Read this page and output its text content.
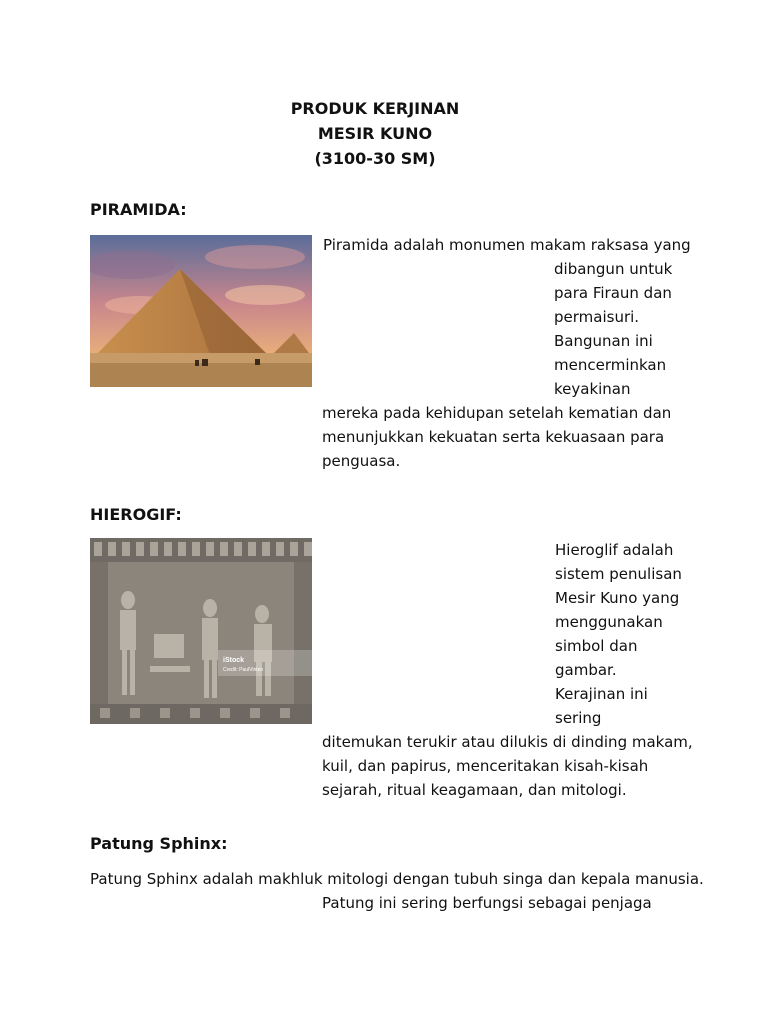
PRODUK KERJINAN
MESIR KUNO
(3100-30 SM)
PIRAMIDA:
Piramida adalah monumen makam raksasa yang
dibangun untuk
para Firaun dan
permaisuri.
Bangunan ini
mencerminkan
keyakinan
mereka pada kehidupan setelah kematian dan
menunjukkan kekuatan serta kekuasaan para
penguasa.
HIEROGIF:
iStock
Credit: PaulVinten
Hieroglif adalah
sistem penulisan
Mesir Kuno yang
menggunakan
simbol dan
gambar.
Kerajinan ini
sering
ditemukan terukir atau dilukis di dinding makam,
kuil, dan papirus, menceritakan kisah-kisah
sejarah, ritual keagamaan, dan mitologi.
Patung Sphinx:
Patung Sphinx adalah makhluk mitologi dengan tubuh singa dan kepala manusia.
Patung ini sering berfungsi sebagai penjaga
